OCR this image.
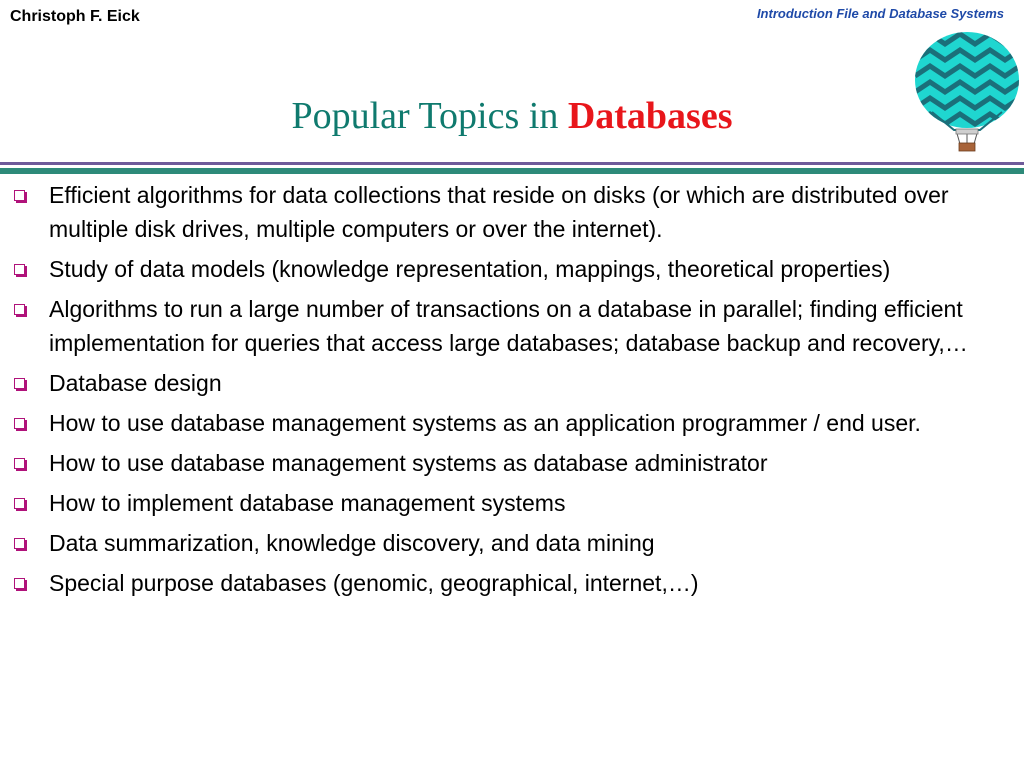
Christoph F. Eick	Introduction File and Database Systems
Popular Topics in Databases
Efficient algorithms for data collections that reside on disks (or which are distributed over multiple disk drives, multiple computers or over the internet).
Study of data models (knowledge representation, mappings, theoretical properties)
Algorithms to run a large number of transactions on a database in parallel; finding efficient implementation for queries that access large databases; database backup and recovery,…
Database design
How to use database management systems as an application programmer / end user.
How to use database management systems as database administrator
How to implement database management systems
Data summarization, knowledge discovery, and data mining
Special purpose databases (genomic, geographical, internet,…)
